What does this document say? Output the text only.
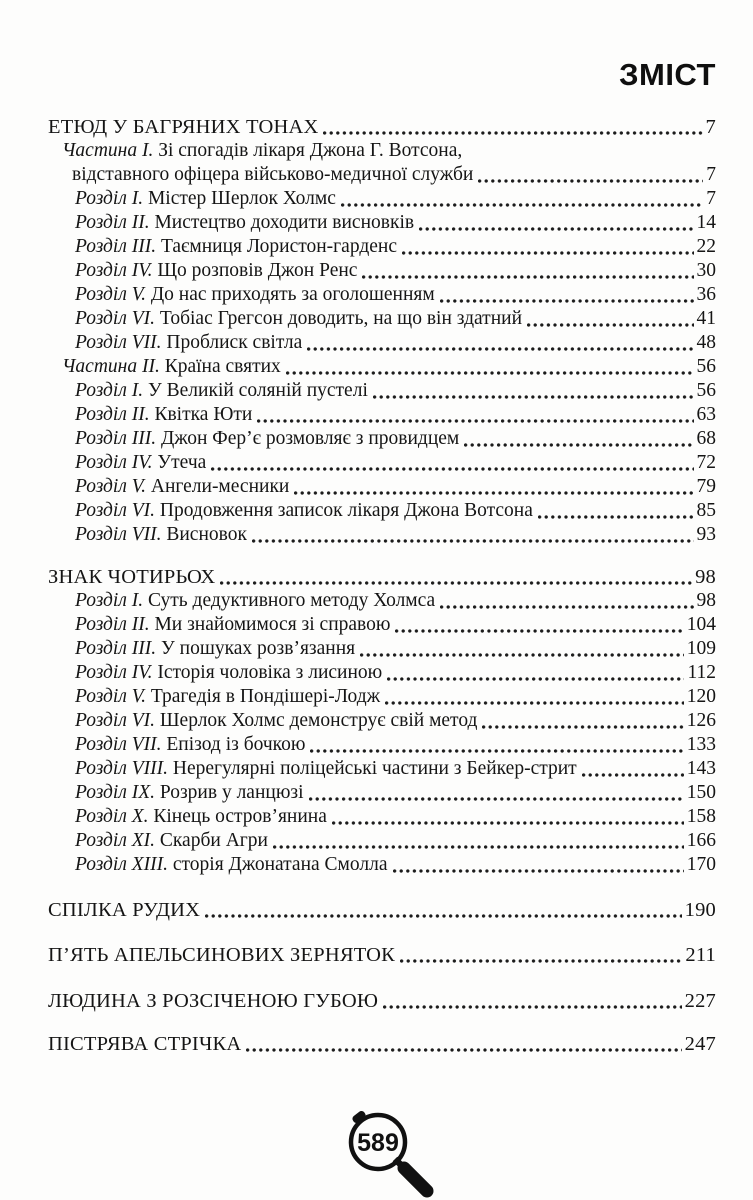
ЗМІСТ
ЕТЮД У БАГРЯНИХ ТОНАХ	7
Частина I. Зі спогадів лікаря Джона Г. Вотсона,
відставного офіцера військово-медичної служби	7
Розділ I. Містер Шерлок Холмс	7
Розділ II. Мистецтво доходити висновків	14
Розділ III. Таємниця Лористон-гарденс	22
Розділ IV. Що розповів Джон Ренс	30
Розділ V. До нас приходять за оголошенням	36
Розділ VI. Тобіас Грегсон доводить, на що він здатний	41
Розділ VII. Проблиск світла	48
Частина II. Країна святих	56
Розділ I. У Великій соляній пустелі	56
Розділ II. Квітка Юти	63
Розділ III. Джон Фер’є розмовляє з провидцем	68
Розділ IV. Утеча	72
Розділ V. Ангели-месники	79
Розділ VI. Продовження записок лікаря Джона Вотсона	85
Розділ VII. Висновок	93
ЗНАК ЧОТИРЬОХ	98
Розділ I. Суть дедуктивного методу Холмса	98
Розділ II. Ми знайомимося зі справою	104
Розділ III. У пошуках розв’язання	109
Розділ IV. Історія чоловіка з лисиною	112
Розділ V. Трагедія в Пондішері-Лодж	120
Розділ VI. Шерлок Холмс демонструє свій метод	126
Розділ VII. Епізод із бочкою	133
Розділ VIII. Нерегулярні поліцейські частини з Бейкер-стрит	143
Розділ IX. Розрив у ланцюзі	150
Розділ X. Кінець остров’янина	158
Розділ XI. Скарби Агри	166
Розділ XIII. сторія Джонатана Смолла	170
СПІЛКА РУДИХ	190
П’ЯТЬ АПЕЛЬСИНОВИХ ЗЕРНЯТОК	211
ЛЮДИНА З РОЗСІЧЕНОЮ ГУБОЮ	227
ПІСТРЯВА СТРІЧКА	247
589
